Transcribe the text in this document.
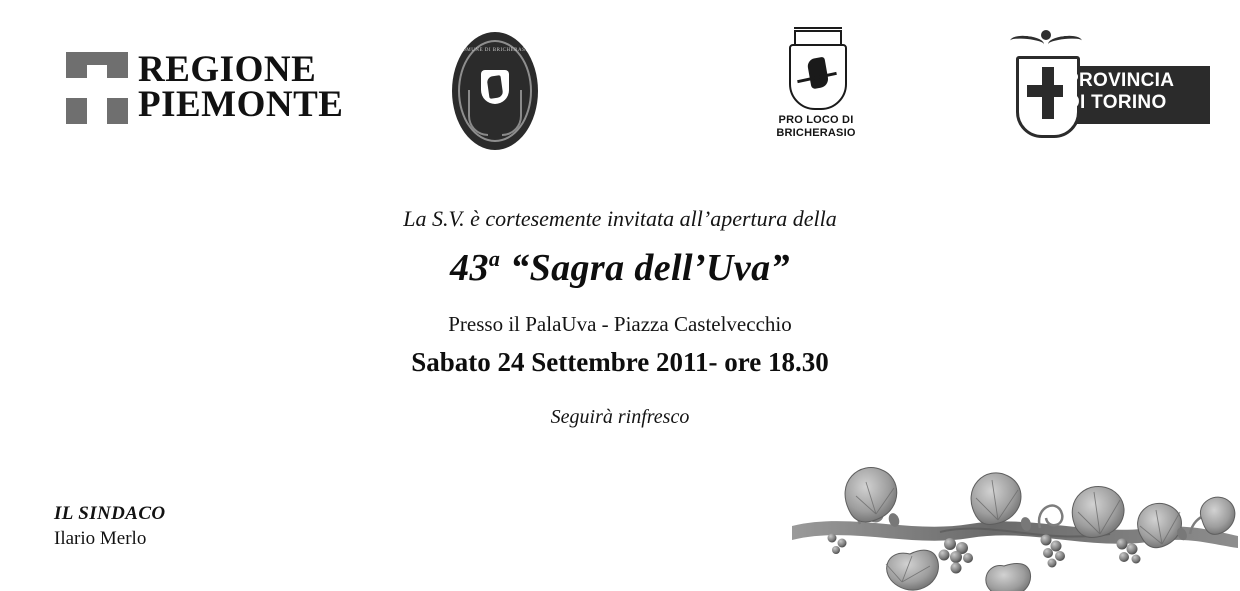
REGIONE
PIEMONTE
COMUNE DI BRICHERASIO
PRO LOCO DI
BRICHERASIO
PROVINCIA
DI TORINO
La S.V. è cortesemente invitata all’apertura della
43$^a$ “Sagra dell’Uva”
Presso il PalaUva - Piazza Castelvecchio
Sabato 24 Settembre 2011- ore 18.30
Seguirà rinfresco
IL SINDACO
Ilario Merlo
